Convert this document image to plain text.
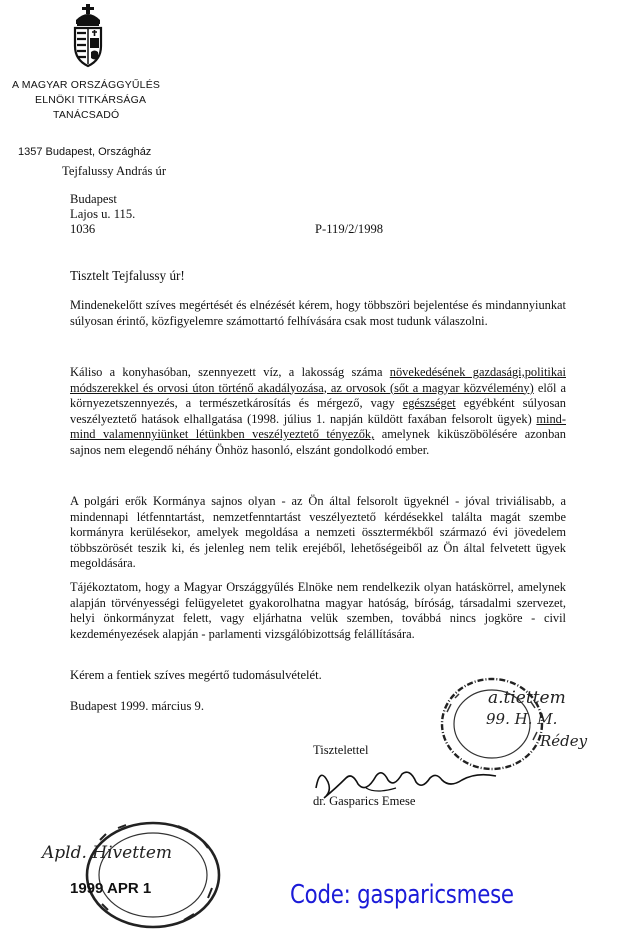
A MAGYAR ORSZÁGGYŰLÉS
ELNÖKI TITKÁRSÁGA
TANÁCSADÓ
1357 Budapest, Országház
Tejfalussy András úr
Budapest
Lajos u. 115.
1036	P-119/2/1998
Tisztelt Tejfalussy úr!
Mindenekelőtt szíves megértését és elnézését kérem, hogy többszöri bejelentése és mindannyiunkat súlyosan érintő, közfigyelemre számottartó felhívására csak most tudunk válaszolni.
Káliso a konyhasóban, szennyezett víz, a lakosság száma növekedésének gazdasági,politikai módszerekkel és orvosi úton történő akadályozása, az orvosok (sőt a magyar közvélemény) elől a környezetszennyezés, a természetkárosítás és mérgező, vagy egészséget egyébként súlyosan veszélyeztető hatások elhallgatása (1998. július 1. napján küldött faxában felsorolt ügyek) mind-mind valamennyiünket létünkben veszélyeztető tényezők, amelynek kiküszöbölésére azonban sajnos nem elegendő néhány Önhöz hasonló, elszánt gondolkodó ember.
A polgári erők Kormánya sajnos olyan - az Ön által felsorolt ügyeknél - jóval triviálisabb, a mindennapi létfenntartást, nemzetfenntartást veszélyeztető kérdésekkel találta magát szembe kormányra kerülésekor, amelyek megoldása a nemzeti össztermékből származó évi jövedelem többszörösét teszik ki, és jelenleg nem telik erejéből, lehetőségeiből az Ön által felvetett ügyek megoldására.
Tájékoztatom, hogy a Magyar Országgyűlés Elnöke nem rendelkezik olyan hatáskörrel, amelynek alapján törvényességi felügyeletet gyakorolhatna magyar hatóság, bíróság, társadalmi szervezet, helyi önkormányzat felett, vagy eljárhatna velük szemben, továbbá nincs jogköre - civil kezdeményezések alapján - parlamenti vizsgálóbizottság felállítására.
Kérem a fentiek szíves megértő tudomásulvételét.
Budapest 1999. március 9.	a.tiettem
99. H. M.
Rédey
Tisztelettel
dr. Gasparics Emese
Apld. Hivettem
1999 APR 1	Code: gasparicsmese
